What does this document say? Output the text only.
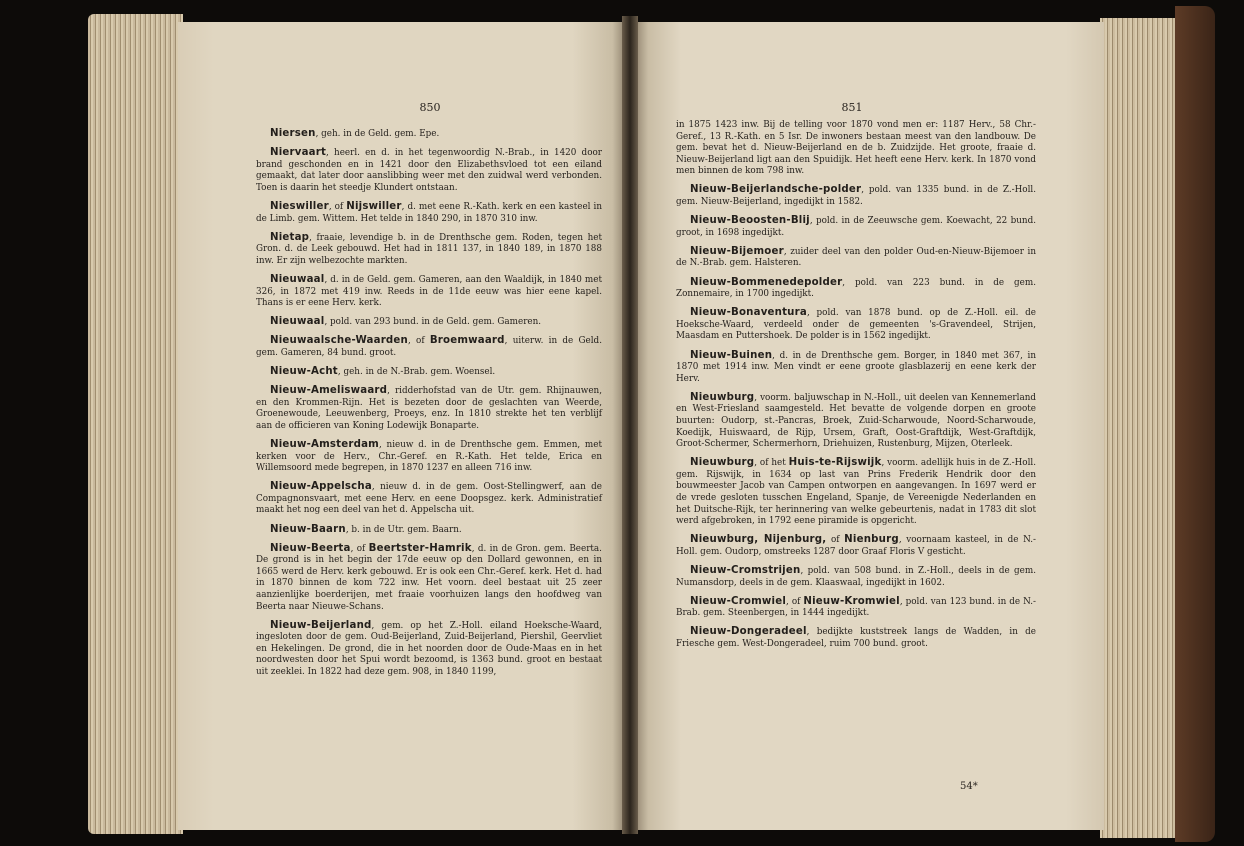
850	851

Niersen, geh. in de Geld. gem. Epe.

Niervaart, heerl. en d. in het tegenwoordig N.-Brab., in 1420 door brand geschonden en in 1421 door den Elizabethsvloed tot een eiland gemaakt, dat later door aanslibbing weer met den zuidwal werd verbonden. Toen is daarin het steedje Klundert ontstaan.

Nieswiller, of Nijswiller, d. met eene R.-Kath. kerk en een kasteel in de Limb. gem. Wittem. Het telde in 1840 290, in 1870 310 inw.

Nietap, fraaie, levendige b. in de Drenthsche gem. Roden, tegen het Gron. d. de Leek gebouwd. Het had in 1811 137, in 1840 189, in 1870 188 inw. Er zijn welbezochte markten.

Nieuwaal, d. in de Geld. gem. Gameren, aan den Waaldijk, in 1840 met 326, in 1872 met 419 inw. Reeds in de 11de eeuw was hier eene kapel. Thans is er eene Herv. kerk.

Nieuwaal, pold. van 293 bund. in de Geld. gem. Gameren.

Nieuwaalsche-Waarden, of Broemwaard, uiterw. in de Geld. gem. Gameren, 84 bund. groot.

Nieuw-Acht, geh. in de N.-Brab. gem. Woensel.

Nieuw-Ameliswaard, ridderhofstad van de Utr. gem. Rhijnauwen, en den Krommen-Rijn. Het is bezeten door de geslachten van Weerde, Groenewoude, Leeuwenberg, Proeys, enz. In 1810 strekte het ten verblijf aan de officieren van Koning Lodewijk Bonaparte.

Nieuw-Amsterdam, nieuw d. in de Drenthsche gem. Emmen, met kerken voor de Herv., Chr.-Geref. en R.-Kath. Het telde, Erica en Willemsoord mede begrepen, in 1870 1237 en alleen 716 inw.

Nieuw-Appelscha, nieuw d. in de gem. Oost-Stellingwerf, aan de Compagnonsvaart, met eene Herv. en eene Doopsgez. kerk. Administratief maakt het nog een deel van het d. Appelscha uit.

Nieuw-Baarn, b. in de Utr. gem. Baarn.

Nieuw-Beerta, of Beertster-Hamrik, d. in de Gron. gem. Beerta. De grond is in het begin der 17de eeuw op den Dollard gewonnen, en in 1665 werd de Herv. kerk gebouwd. Er is ook een Chr.-Geref. kerk. Het d. had in 1870 binnen de kom 722 inw. Het voorn. deel bestaat uit 25 zeer aanzienlijke boerderijen, met fraaie voorhuizen langs den hoofdweg van Beerta naar Nieuwe-Schans.

Nieuw-Beijerland, gem. op het Z.-Holl. eiland Hoeksche-Waard, ingesloten door de gem. Oud-Beijerland, Zuid-Beijerland, Piershil, Geervliet en Hekelingen. De grond, die in het noorden door de Oude-Maas en in het noordwesten door het Spui wordt bezoomd, is 1363 bund. groot en bestaat uit zeeklei. In 1822 had deze gem. 908, in 1840 1199,

in 1875 1423 inw. Bij de telling voor 1870 vond men er: 1187 Herv., 58 Chr.-Geref., 13 R.-Kath. en 5 Isr. De inwoners bestaan meest van den landbouw. De gem. bevat het d. Nieuw-Beijerland en de b. Zuidzijde. Het groote, fraaie d. Nieuw-Beijerland ligt aan den Spuidijk. Het heeft eene Herv. kerk. In 1870 vond men binnen de kom 798 inw.

Nieuw-Beijerlandsche-polder, pold. van 1335 bund. in de Z.-Holl. gem. Nieuw-Beijerland, ingedijkt in 1582.

Nieuw-Beoosten-Blij, pold. in de Zeeuwsche gem. Koewacht, 22 bund. groot, in 1698 ingedijkt.

Nieuw-Bijemoer, zuider deel van den polder Oud-en-Nieuw-Bijemoer in de N.-Brab. gem. Halsteren.

Nieuw-Bommenedepolder, pold. van 223 bund. in de gem. Zonnemaire, in 1700 ingedijkt.

Nieuw-Bonaventura, pold. van 1878 bund. op de Z.-Holl. eil. de Hoeksche-Waard, verdeeld onder de gemeenten 's-Gravendeel, Strijen, Maasdam en Puttershoek. De polder is in 1562 ingedijkt.

Nieuw-Buinen, d. in de Drenthsche gem. Borger, in 1840 met 367, in 1870 met 1914 inw. Men vindt er eene groote glasblazerij en eene kerk der Herv.

Nieuwburg, voorm. baljuwschap in N.-Holl., uit deelen van Kennemerland en West-Friesland saamgesteld. Het bevatte de volgende dorpen en groote buurten: Oudorp, st.-Pancras, Broek, Zuid-Scharwoude, Noord-Scharwoude, Koedijk, Huiswaard, de Rijp, Ursem, Graft, Oost-Graftdijk, West-Graftdijk, Groot-Schermer, Schermerhorn, Driehuizen, Rustenburg, Mijzen, Oterleek.

Nieuwburg, of het Huis-te-Rijswijk, voorm. adellijk huis in de Z.-Holl. gem. Rijswijk, in 1634 op last van Prins Frederik Hendrik door den bouwmeester Jacob van Campen ontworpen en aangevangen. In 1697 werd er de vrede gesloten tusschen Engeland, Spanje, de Vereenigde Nederlanden en het Duitsche-Rijk, ter herinnering van welke gebeurtenis, nadat in 1783 dit slot werd afgebroken, in 1792 eene piramide is opgericht.

Nieuwburg, Nijenburg, of Nienburg, voornaam kasteel, in de N.-Holl. gem. Oudorp, omstreeks 1287 door Graaf Floris V gesticht.

Nieuw-Cromstrijen, pold. van 508 bund. in Z.-Holl., deels in de gem. Numansdorp, deels in de gem. Klaaswaal, ingedijkt in 1602.

Nieuw-Cromwiel, of Nieuw-Kromwiel, pold. van 123 bund. in de N.-Brab. gem. Steenbergen, in 1444 ingedijkt.

Nieuw-Dongeradeel, bedijkte kuststreek langs de Wadden, in de Friesche gem. West-Dongeradeel, ruim 700 bund. groot.

54*
